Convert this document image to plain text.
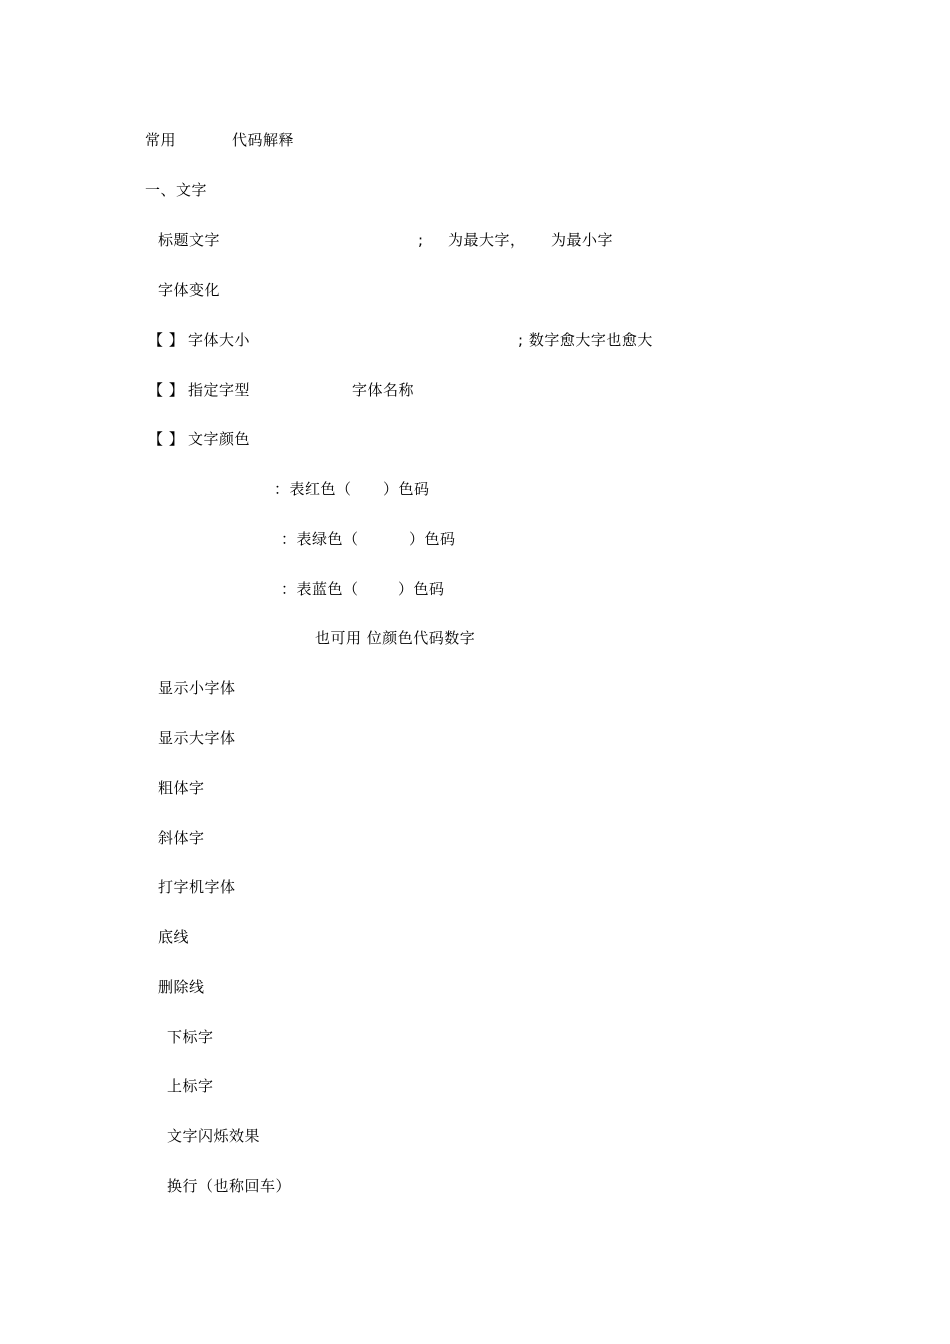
常用	代码解释
一、文字
标题文字	; 为最大字， 为最小字
字体变化
【 】 字体大小	; 数字愈大字也愈大
【 】 指定字型	字体名称
【 】 文字颜色
：表红色（ ）色码
：表绿色（	）色码
：表蓝色（	）色码
也可用 位颜色代码数字
显示小字体
显示大字体
粗体字
斜体字
打字机字体
底线
删除线
下标字
上标字
文字闪烁效果
换行（也称回车）
